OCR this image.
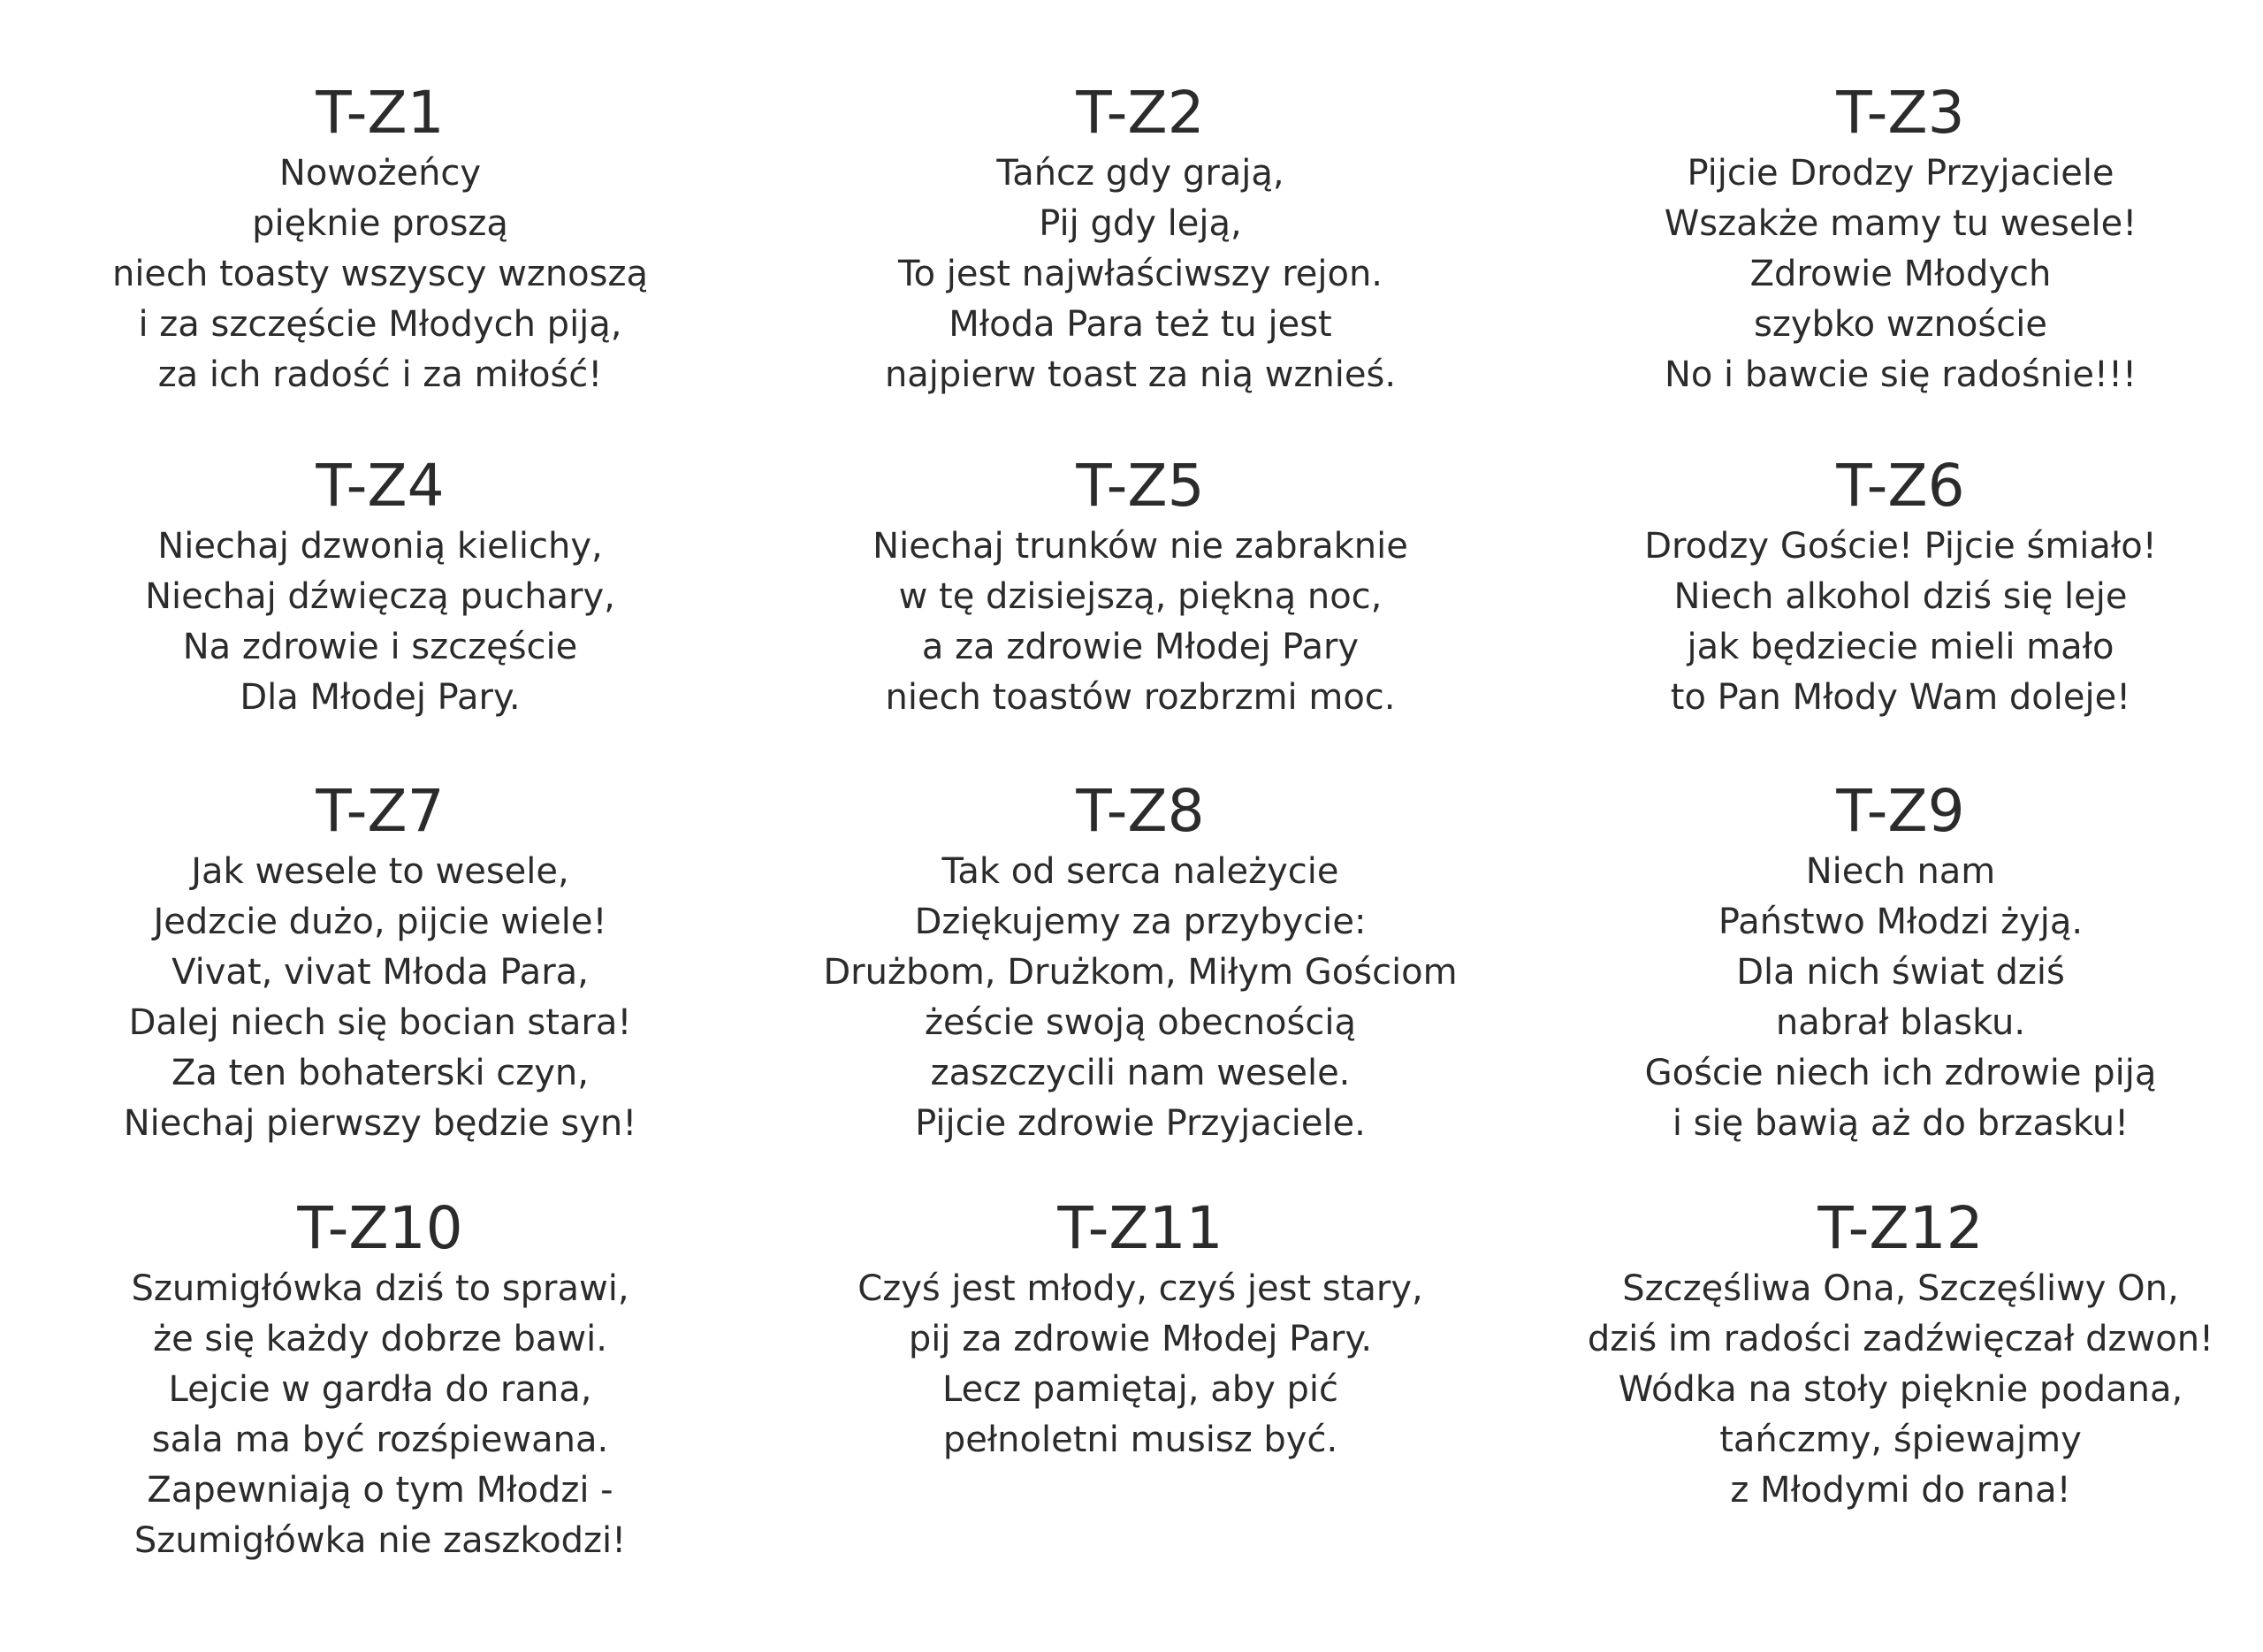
T-Z1
Nowożeńcy
pięknie proszą
niech toasty wszyscy wznoszą
i za szczęście Młodych piją,
za ich radość i za miłość!
T-Z2
Tańcz gdy grają,
Pij gdy leją,
To jest najwłaściwszy rejon.
Młoda Para też tu jest
najpierw toast za nią wznieś.
T-Z3
Pijcie Drodzy Przyjaciele
Wszakże mamy tu wesele!
Zdrowie Młodych
szybko wznoście
No i bawcie się radośnie!!!
T-Z4
Niechaj dzwonią kielichy,
Niechaj dźwięczą puchary,
Na zdrowie i szczęście
Dla Młodej Pary.
T-Z5
Niechaj trunków nie zabraknie
w tę dzisiejszą, piękną noc,
a za zdrowie Młodej Pary
niech toastów rozbrzmi moc.
T-Z6
Drodzy Goście! Pijcie śmiało!
Niech alkohol dziś się leje
jak będziecie mieli mało
to Pan Młody Wam doleje!
T-Z7
Jak wesele to wesele,
Jedzcie dużo, pijcie wiele!
Vivat, vivat Młoda Para,
Dalej niech się bocian stara!
Za ten bohaterski czyn,
Niechaj pierwszy będzie syn!
T-Z8
Tak od serca należycie
Dziękujemy za przybycie:
Drużbom, Drużkom, Miłym Gościom
żeście swoją obecnością
zaszczycili nam wesele.
Pijcie zdrowie Przyjaciele.
T-Z9
Niech nam
Państwo Młodzi żyją.
Dla nich świat dziś
nabrał blasku.
Goście niech ich zdrowie piją
i się bawią aż do brzasku!
T-Z10
Szumigłówka dziś to sprawi,
że się każdy dobrze bawi.
Lejcie w gardła do rana,
sala ma być rozśpiewana.
Zapewniają o tym Młodzi -
Szumigłówka nie zaszkodzi!
T-Z11
Czyś jest młody, czyś jest stary,
pij za zdrowie Młodej Pary.
Lecz pamiętaj, aby pić
pełnoletni musisz być.
T-Z12
Szczęśliwa Ona, Szczęśliwy On,
dziś im radości zadźwięczał dzwon!
Wódka na stoły pięknie podana,
tańczmy, śpiewajmy
z Młodymi do rana!
